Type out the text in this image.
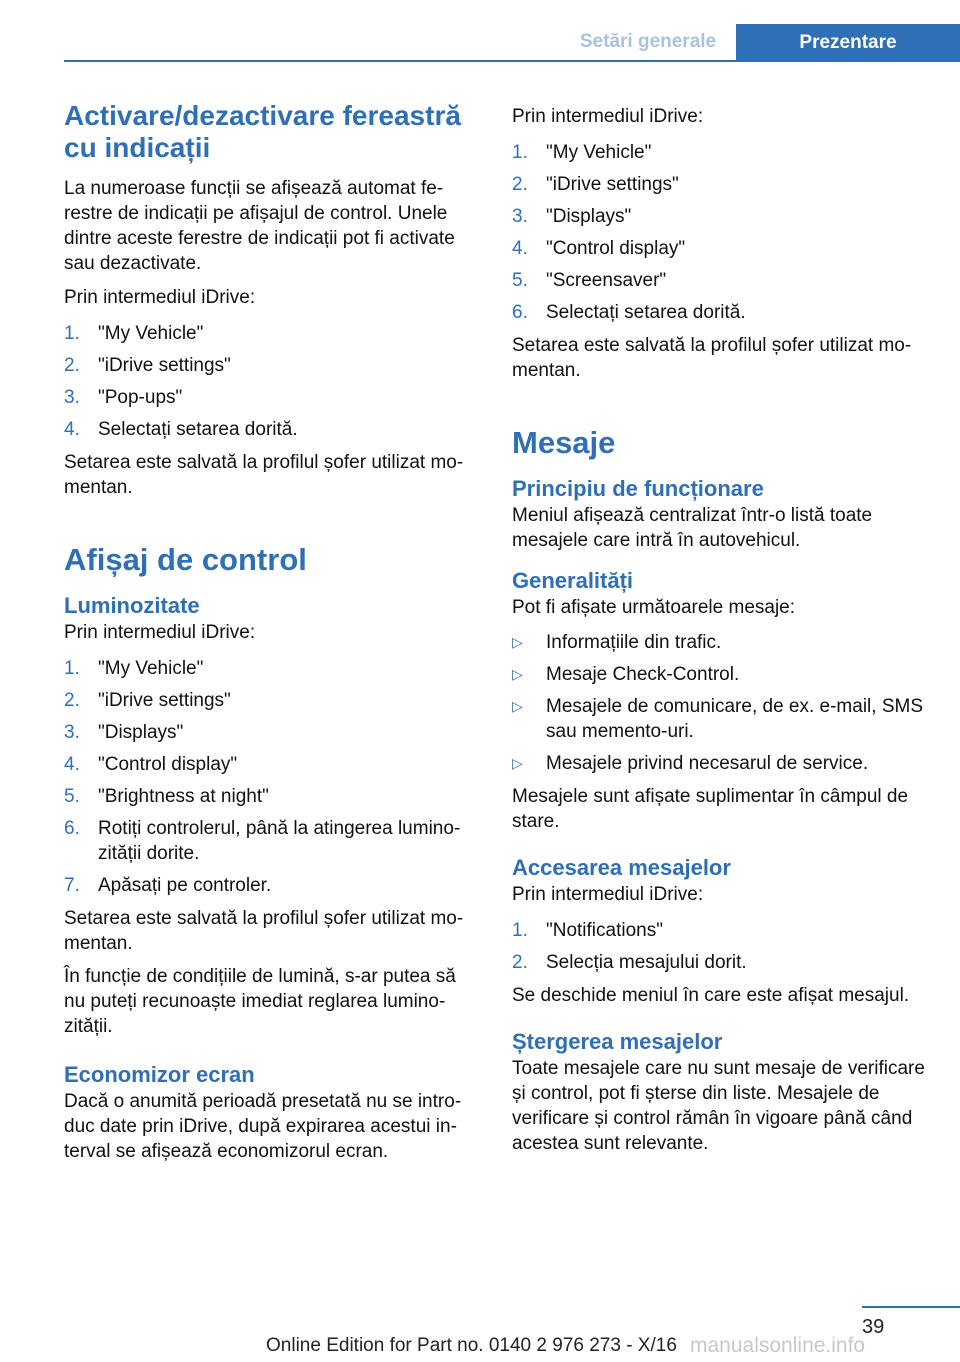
Setări generale	Prezentare
Activare/dezactivare fereastră cu indicații

La numeroase funcții se afișează automat ferestre de indicații pe afișajul de control. Unele dintre aceste ferestre de indicații pot fi activate sau dezactivate.

Prin intermediul iDrive:

1. "My Vehicle"
2. "iDrive settings"
3. "Pop-ups"
4. Selectați setarea dorită.

Setarea este salvată la profilul șofer utilizat momentan.

Afișaj de control
Luminozitate

Prin intermediul iDrive:

1. "My Vehicle"
2. "iDrive settings"
3. "Displays"
4. "Control display"
5. "Brightness at night"
6. Rotiți controlerul, până la atingerea luminozității dorite.
7. Apăsați pe controler.

Setarea este salvată la profilul șofer utilizat momentan.

În funcție de condițiile de lumină, s-ar putea să nu puteți recunoaște imediat reglarea luminozității.

Economizor ecran

Dacă o anumită perioadă presetată nu se introduc date prin iDrive, după expirarea acestui interval se afișează economizorul ecran.

Prin intermediul iDrive:

1. "My Vehicle"
2. "iDrive settings"
3. "Displays"
4. "Control display"
5. "Screensaver"
6. Selectați setarea dorită.

Setarea este salvată la profilul șofer utilizat momentan.

Mesaje
Principiu de funcționare

Meniul afișează centralizat într-o listă toate mesajele care intră în autovehicul.

Generalități

Pot fi afișate următoarele mesaje:

▷	Informațiile din trafic.
▷	Mesaje Check-Control.
▷	Mesajele de comunicare, de ex. e-mail, SMS sau memento-uri.
▷	Mesajele privind necesarul de service.

Mesajele sunt afișate suplimentar în câmpul de stare.

Accesarea mesajelor

Prin intermediul iDrive:

1. "Notifications"
2. Selecția mesajului dorit.

Se deschide meniul în care este afișat mesajul.

Ștergerea mesajelor

Toate mesajele care nu sunt mesaje de verificare și control, pot fi șterse din liste. Mesajele de verificare și control rămân în vigoare până când acestea sunt relevante.

39
Online Edition for Part no. 0140 2 976 273 - X/16 manualsonline.info
